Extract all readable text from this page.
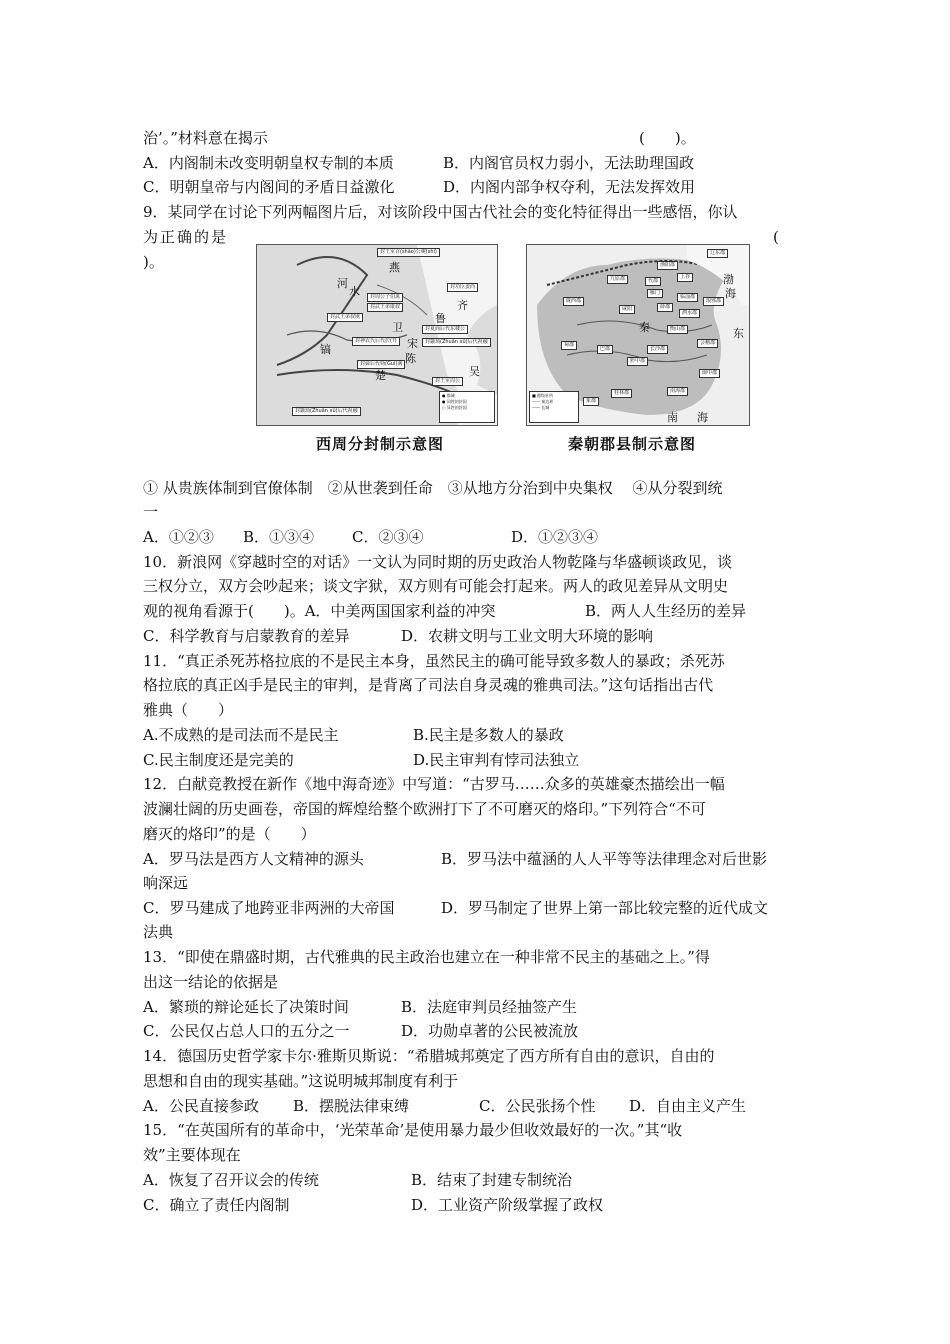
治’。”材料意在揭示	(　　)。
A．内阁制未改变明朝皇权专制的本质	B．内阁官员权力弱小，无法助理国政
C．明朝皇帝与内阁间的矛盾日益激化	D．内阁内部争权夺利，无法发挥效用
9．某同学在讨论下列两幅图片后，对该阶段中国古代社会的变化特征得出一些感悟，你认
为正确的是	(
)。
封王室召(shào)公奭(shì)
封周公子伯禽
封武王弟康叔
封功臣姜尚
封武王弟叔虞
封夏商后代东楼公
封神农氏后代於(?)	封颛顼(Zhuān xū)后代祝融
封舜后代妫(Gui)满
封王室周公
封颛顼(Zhuān xū)后代祝融
燕
齐
鲁
水
卫
宋
楚	吴
镐
河
陈
● 都城
● 同姓的封国
○ 异姓的封国
辽东郡
渔阳郡
九原郡	代郡
上谷
雁门
陇西郡
咸阳
蜀郡
巴郡
黔中郡
闽中郡
南海郡
桂林郡
象郡
会稽郡
长沙郡
衡山郡
泗水郡
琅邪郡
临淄郡
薛郡
渤
海
东
南 海
秦
■ 郡级驻所
—— 秦边界
—— 长城
西周分封制示意图	秦朝郡县制示意图
① 从贵族体制到官僚体制　②从世袭到任命　③从地方分治到中央集权　 ④从分裂到统
一
A．①②③ B．①③④	C．②③④	D．①②③④
10．新浪网《穿越时空的对话》一文认为同时期的历史政治人物乾隆与华盛顿谈政见，谈
三权分立，双方会吵起来；谈文字狱，双方则有可能会打起来。两人的政见差异从文明史
观的视角看源于(　　)。A．中美两国国家利益的冲突	B．两人人生经历的差异
C．科学教育与启蒙教育的差异	D．农耕文明与工业文明大环境的影响
11．“真正杀死苏格拉底的不是民主本身，虽然民主的确可能导致多数人的暴政；杀死苏
格拉底的真正凶手是民主的审判，是背离了司法自身灵魂的雅典司法。”这句话指出古代
雅典（　　）
A.不成熟的是司法而不是民主	B.民主是多数人的暴政
C.民主制度还是完美的	D.民主审判有悖司法独立
12．白献竞教授在新作《地中海奇迹》中写道：“古罗马……众多的英雄豪杰描绘出一幅
波澜壮阔的历史画卷，帝国的辉煌给整个欧洲打下了不可磨灭的烙印。”下列符合“不可
磨灭的烙印”的是（　　）
A．罗马法是西方人文精神的源头	B．罗马法中蕴涵的人人平等等法律理念对后世影
响深远
C．罗马建成了地跨亚非两洲的大帝国	D．罗马制定了世界上第一部比较完整的近代成文
法典
13．“即使在鼎盛时期，古代雅典的民主政治也建立在一种非常不民主的基础之上。”得
出这一结论的依据是
A．繁琐的辩论延长了决策时间	B．法庭审判员经抽签产生
C．公民仅占总人口的五分之一	D．功勋卓著的公民被流放
14．德国历史哲学家卡尔·雅斯贝斯说：“希腊城邦奠定了西方所有自由的意识，自由的
思想和自由的现实基础。”这说明城邦制度有利于
A．公民直接参政 B．摆脱法律束缚	C．公民张扬个性 D．自由主义产生
15．“在英国所有的革命中，‘光荣革命’是使用暴力最少但收效最好的一次。”其“收
效”主要体现在
A．恢复了召开议会的传统	B．结束了封建专制统治
C．确立了责任内阁制	D．工业资产阶级掌握了政权
